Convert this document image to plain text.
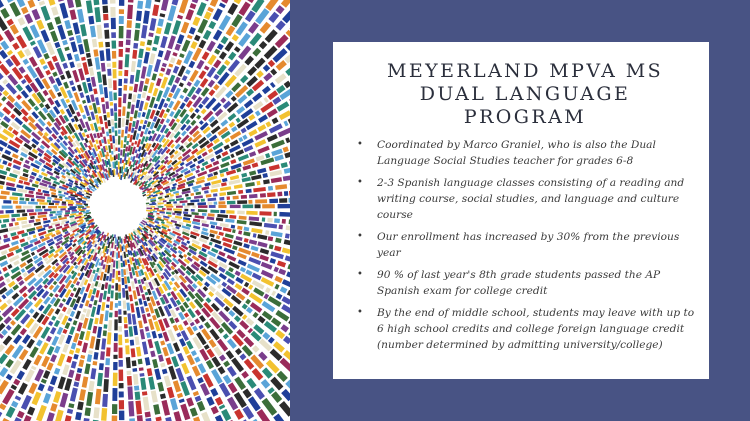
MEYERLAND MPVA MS
DUAL LANGUAGE
PROGRAM
• Coordinated by Marco Graniel, who is also the Dual Language Social Studies teacher for grades 6-8
• 2-3 Spanish language classes consisting of a reading and writing course, social studies, and language and culture course
• Our enrollment has increased by 30% from the previous year
• 90 % of last year's 8th grade students passed the AP Spanish exam for college credit
• By the end of middle school, students may leave with up to 6 high school credits and college foreign language credit (number determined by admitting university/college)
